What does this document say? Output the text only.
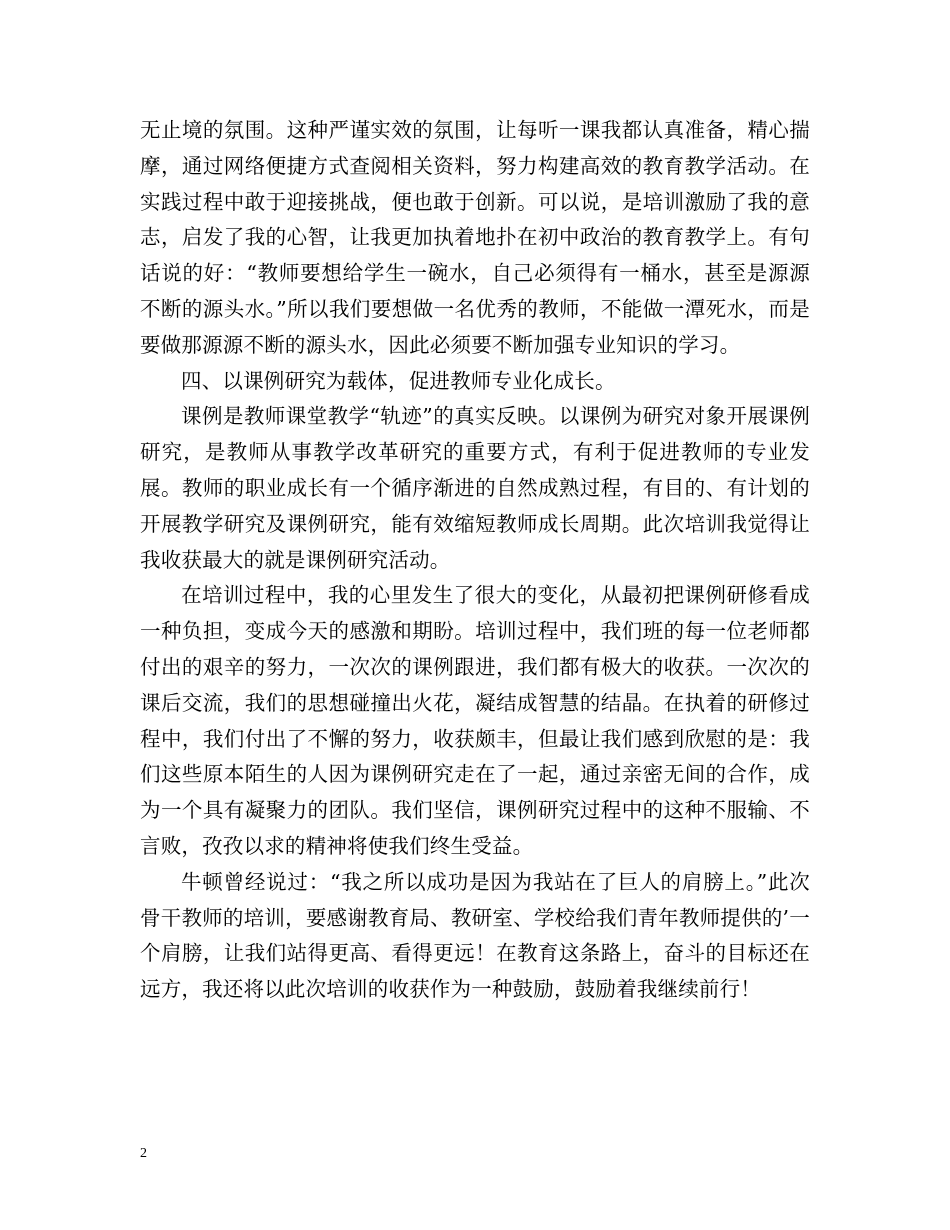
无止境的氛围。这种严谨实效的氛围，让每听一课我都认真准备，精心揣摩，通过网络便捷方式查阅相关资料，努力构建高效的教育教学活动。在实践过程中敢于迎接挑战，便也敢于创新。可以说，是培训激励了我的意志，启发了我的心智，让我更加执着地扑在初中政治的教育教学上。有句话说的好：“教师要想给学生一碗水，自己必须得有一桶水，甚至是源源不断的源头水。”所以我们要想做一名优秀的教师，不能做一潭死水，而是要做那源源不断的源头水，因此必须要不断加强专业知识的学习。

四、以课例研究为载体，促进教师专业化成长。

课例是教师课堂教学“轨迹”的真实反映。以课例为研究对象开展课例研究，是教师从事教学改革研究的重要方式，有利于促进教师的专业发展。教师的职业成长有一个循序渐进的自然成熟过程，有目的、有计划的开展教学研究及课例研究，能有效缩短教师成长周期。此次培训我觉得让我收获最大的就是课例研究活动。

在培训过程中，我的心里发生了很大的变化，从最初把课例研修看成一种负担，变成今天的感激和期盼。培训过程中，我们班的每一位老师都付出的艰辛的努力，一次次的课例跟进，我们都有极大的收获。一次次的课后交流，我们的思想碰撞出火花，凝结成智慧的结晶。在执着的研修过程中，我们付出了不懈的努力，收获颇丰，但最让我们感到欣慰的是：我们这些原本陌生的人因为课例研究走在了一起，通过亲密无间的合作，成为一个具有凝聚力的团队。我们坚信，课例研究过程中的这种不服输、不言败，孜孜以求的精神将使我们终生受益。

牛顿曾经说过：“我之所以成功是因为我站在了巨人的肩膀上。”此次骨干教师的培训，要感谢教育局、教研室、学校给我们青年教师提供的’一个肩膀，让我们站得更高、看得更远！在教育这条路上，奋斗的目标还在远方，我还将以此次培训的收获作为一种鼓励，鼓励着我继续前行！

2
